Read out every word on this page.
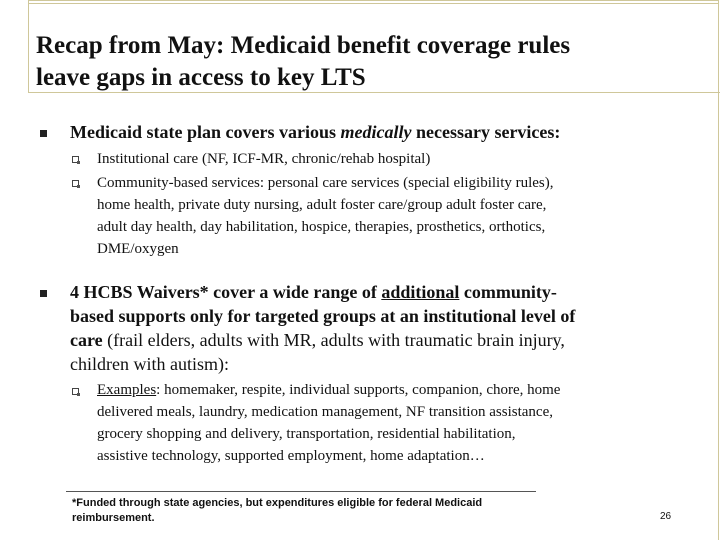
Recap from May: Medicaid benefit coverage rules
leave gaps in access to key LTS
Medicaid state plan covers various medically necessary services:
Institutional care (NF, ICF-MR, chronic/rehab hospital)
Community-based services: personal care services (special eligibility rules),
home health, private duty nursing, adult foster care/group adult foster care,
adult day health, day habilitation, hospice, therapies, prosthetics, orthotics,
DME/oxygen
4 HCBS Waivers* cover a wide range of additional community-
based supports only for targeted groups at an institutional level of
care (frail elders, adults with MR, adults with traumatic brain injury,
children with autism):
Examples: homemaker, respite, individual supports, companion, chore, home
delivered meals, laundry, medication management, NF transition assistance,
grocery shopping and delivery, transportation, residential habilitation,
assistive technology, supported employment, home adaptation…
*Funded through state agencies, but expenditures eligible for federal Medicaid
reimbursement.	26
